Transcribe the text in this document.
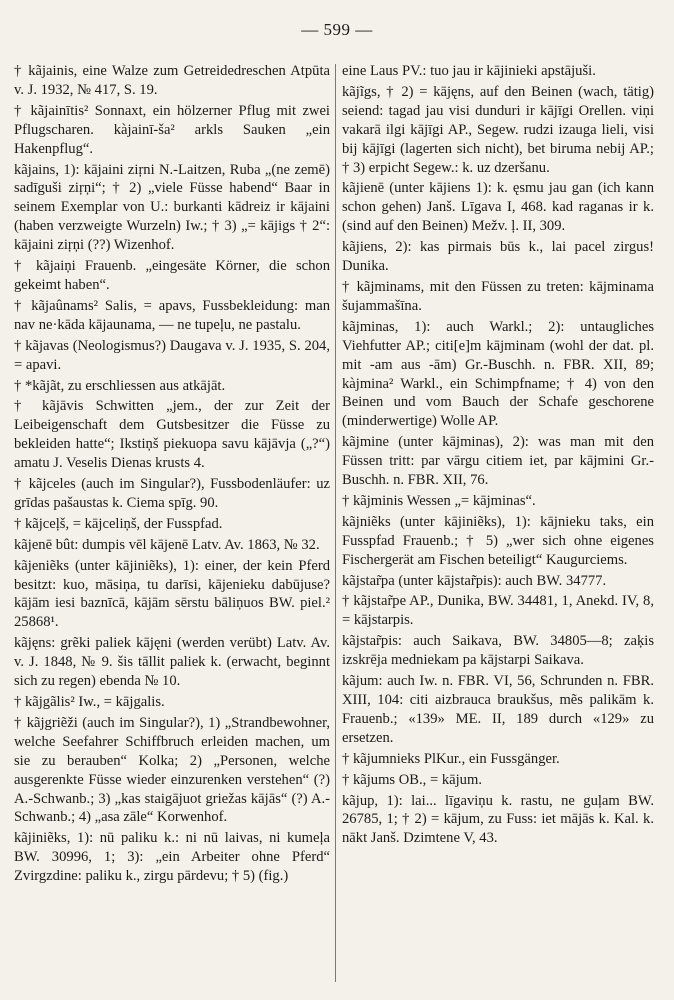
— 599 —

† kãjainis, eine Walze zum Getreidedreschen Atpūta v. J. 1932, № 417, S. 19.

† kãjainītis² Sonnaxt, ein hölzerner Pflug mit zwei Pflugscharen. kàjainī-ša² arkls Sauken „ein Hakenpflug“.

kãjains, 1): kājaini ziŗni N.-Laitzen, Ruba „(ne zemē) sadīguši ziŗņi“; † 2) „viele Füsse habend“ Baar in seinem Exemplar von U.: burkanti kādreiz ir kājaini (haben verzweigte Wurzeln) Iw.; † 3) „= kājigs † 2“: kājaini ziŗņi (??) Wizenhof.

† kãjaiņi Frauenb. „eingesäte Körner, die schon gekeimt haben“.

† kãjaûnams² Salis, = apavs, Fussbekleidung: man nav ne·kāda kājaunama, — ne tupeļu, ne pastalu.

† kãjavas (Neologismus?) Daugava v. J. 1935, S. 204, = apavi.

† *kãjãt, zu erschliessen aus atkājāt.

† kãjāvis Schwitten „jem., der zur Zeit der Leibeigenschaft dem Gutsbesitzer die Füsse zu bekleiden hatte“; Ikstiņš piekuopa savu kājāvja („?“) amatu J. Veselis Dienas krusts 4.

† kãjceles (auch im Singular?), Fussbodenläufer: uz grīdas pašaustas k. Ciema spīg. 90.

† kãjceļš, = kājceliņš, der Fusspfad.

kãjenē bût: dumpis vēl kājenē Latv. Av. 1863, № 32.

kãjeniẽks (unter kājiniẽks), 1): einer, der kein Pferd besitzt: kuo, māsiņa, tu darīsi, kājenieku dabūjuse? kājām iesi baznīcā, kājām sērstu bāliņuos BW. piel.² 25868¹.

kãjęns: grẽki paliek kājęni (werden verübt) Latv. Av. v. J. 1848, № 9. šis tāllit paliek k. (erwacht, beginnt sich zu regen) ebenda № 10.

† kãjgãlis² Iw., = kājgalis.

† kãjgriẽži (auch im Singular?), 1) „Strandbewohner, welche Seefahrer Schiffbruch erleiden machen, um sie zu berauben“ Kolka; 2) „Personen, welche ausgerenkte Füsse wieder einzurenken verstehen“ (?) A.-Schwanb.; 3) „kas staigājuot griežas kājās“ (?) A.-Schwanb.; 4) „asa zāle“ Korwenhof.

kãjiniẽks, 1): nū paliku k.: ni nū laivas, ni kumeļa BW. 30996, 1; 3): „ein Arbeiter ohne Pferd“ Zvirgzdine: paliku k., zirgu pārdevu; † 5) (fig.)

eine Laus PV.: tuo jau ir kājinieki apstājuši.

kãjĩgs, † 2) = kājęns, auf den Beinen (wach, tätig) seiend: tagad jau visi dunduri ir kājīgi Orellen. viņi vakarā ilgi kājīgi AP., Segew. rudzi izauga lieli, visi bij kājīgi (lagerten sich nicht), bet biruma nebij AP.; † 3) erpicht Segew.: k. uz dzeršanu.

kãjienē (unter kājiens 1): k. ęsmu jau gan (ich kann schon gehen) Janš. Līgava I, 468. kad raganas ir k. (sind auf den Beinen) Mežv. ļ. II, 309.

kãjiens, 2): kas pirmais būs k., lai pacel zirgus! Dunika.

† kãjminams, mit den Füssen zu treten: kājminama šujammašīna.

kãjminas, 1): auch Warkl.; 2): untaugliches Viehfutter AP.; citi[e]m kājminam (wohl der dat. pl. mit -am aus -ām) Gr.-Buschh. n. FBR. XII, 89; kàjmina² Warkl., ein Schimpfname; † 4) von den Beinen und vom Bauch der Schafe geschorene (minderwertige) Wolle AP.

kãjmine (unter kājminas), 2): was man mit den Füssen tritt: par vārgu citiem iet, par kājmini Gr.-Buschh. n. FBR. XII, 76.

† kãjminis Wessen „= kājminas“.

kãjniẽks (unter kājiniẽks), 1): kājnieku taks, ein Fusspfad Frauenb.; † 5) „wer sich ohne eigenes Fischergerät am Fischen beteiligt“ Kaugurciems.

kãjstar̃pa (unter kājstar̃pis): auch BW. 34777.

† kãjstar̃pe AP., Dunika, BW. 34481, 1, Anekd. IV, 8, = kājstarpis.

kãjstar̃pis: auch Saikava, BW. 34805—8; zaķis izskrēja medniekam pa kājstarpi Saikava.

kãjum: auch Iw. n. FBR. VI, 56, Schrunden n. FBR. XIII, 104: citi aizbrauca braukšus, mẽs palikām k. Frauenb.; «139» ME. II, 189 durch «129» zu ersetzen.

† kãjumnieks PlKur., ein Fussgänger.

† kãjums OB., = kājum.

kãjup, 1): lai... līgaviņu k. rastu, ne guļam BW. 26785, 1; † 2) = kājum, zu Fuss: iet mājās k. Kal. k. nākt Janš. Dzimtene V, 43.
